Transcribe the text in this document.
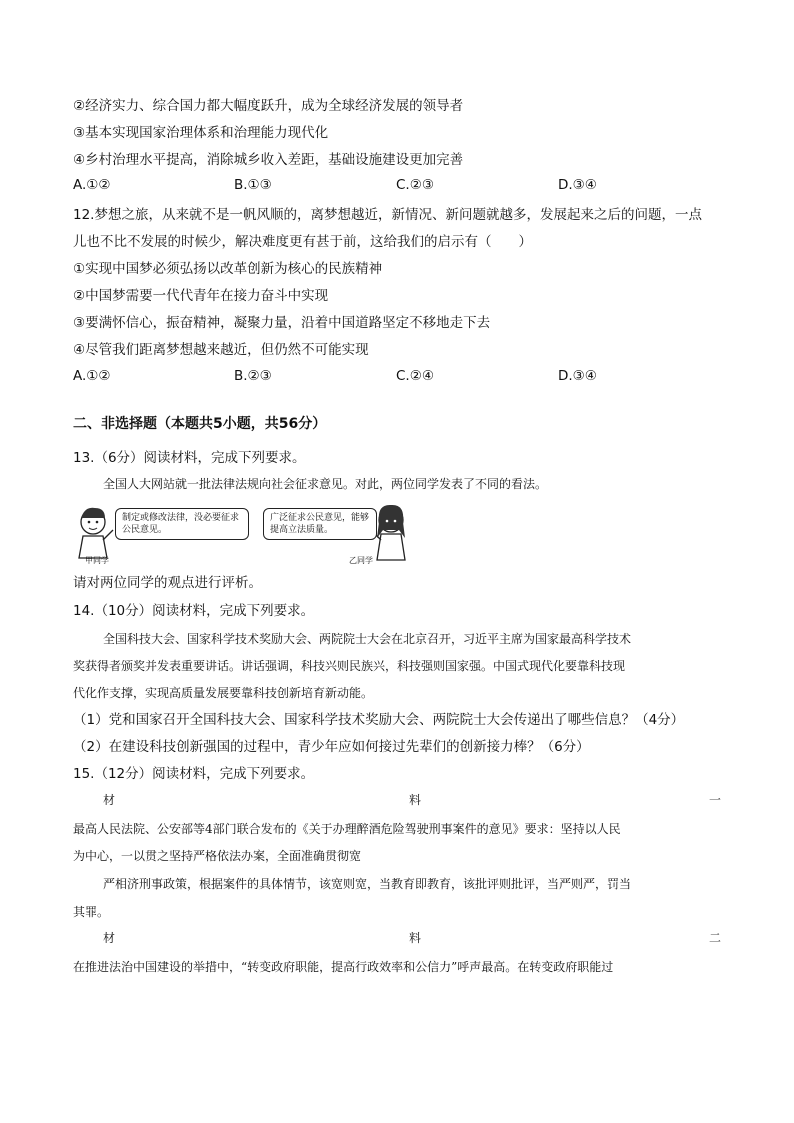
②经济实力、综合国力都大幅度跃升，成为全球经济发展的领导者
③基本实现国家治理体系和治理能力现代化
④乡村治理水平提高，消除城乡收入差距，基础设施建设更加完善
A.①②	B.①③	C.②③	D.③④
12.梦想之旅，从来就不是一帆风顺的，离梦想越近，新情况、新问题就越多，发展起来之后的问题，一点
儿也不比不发展的时候少，解决难度更有甚于前，这给我们的启示有（　　）
①实现中国梦必须弘扬以改革创新为核心的民族精神
②中国梦需要一代代青年在接力奋斗中实现
③要满怀信心，振奋精神，凝聚力量，沿着中国道路坚定不移地走下去
④尽管我们距离梦想越来越近，但仍然不可能实现
A.①②	B.②③	C.②④	D.③④
二、非选择题（本题共5小题，共56分）
13.（6分）阅读材料，完成下列要求。
全国人大网站就一批法律法规向社会征求意见。对此，两位同学发表了不同的看法。
制定或修改法律，没必要征求公民意见。
广泛征求公民意见，能够提高立法质量。
甲同学	乙同学
请对两位同学的观点进行评析。
14.（10分）阅读材料，完成下列要求。
全国科技大会、国家科学技术奖励大会、两院院士大会在北京召开，习近平主席为国家最高科学技术
奖获得者颁奖并发表重要讲话。讲话强调，科技兴则民族兴，科技强则国家强。中国式现代化要靠科技现
代化作支撑，实现高质量发展要靠科技创新培育新动能。
（1）党和国家召开全国科技大会、国家科学技术奖励大会、两院院士大会传递出了哪些信息？（4分）
（2）在建设科技创新强国的过程中，青少年应如何接过先辈们的创新接力棒？（6分）
15.（12分）阅读材料，完成下列要求。
材	料	一
最高人民法院、公安部等4部门联合发布的《关于办理醉酒危险驾驶刑事案件的意见》要求：坚持以人民
为中心，一以贯之坚持严格依法办案，全面准确贯彻宽
严相济刑事政策，根据案件的具体情节，该宽则宽，当教育即教育，该批评则批评，当严则严，罚当
其罪。
材	料	二
在推进法治中国建设的举措中，“转变政府职能，提高行政效率和公信力”呼声最高。在转变政府职能过
